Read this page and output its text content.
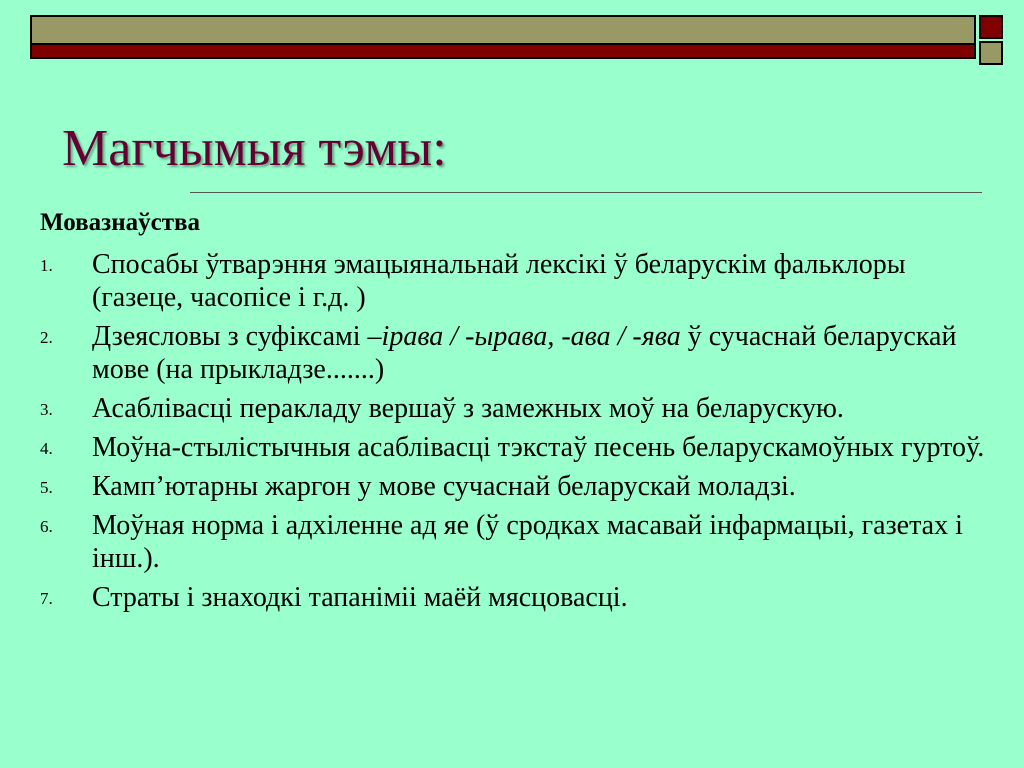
Магчымыя тэмы:
Мовазнаўства
1. Спосабы ўтварэння эмацыянальнай лексікі ў беларускім фальклоры (газеце, часопісе і г.д. )
2. Дзеясловы з суфіксамі –ірава / -ырава, -ава / -ява ў сучаснай беларускай мове (на прыкладзе.......)
3. Асаблівасці перакладу вершаў з замежных моў на беларускую.
4. Моўна-стылістычныя асаблівасці тэкстаў песень беларускамоўных гуртоў.
5. Камп’ютарны жаргон у мове сучаснай беларускай моладзі.
6. Моўная норма і адхіленне ад яе (ў сродках масавай інфармацыі, газетах і інш.).
7. Страты і знаходкі тапаніміі маёй мясцовасці.
